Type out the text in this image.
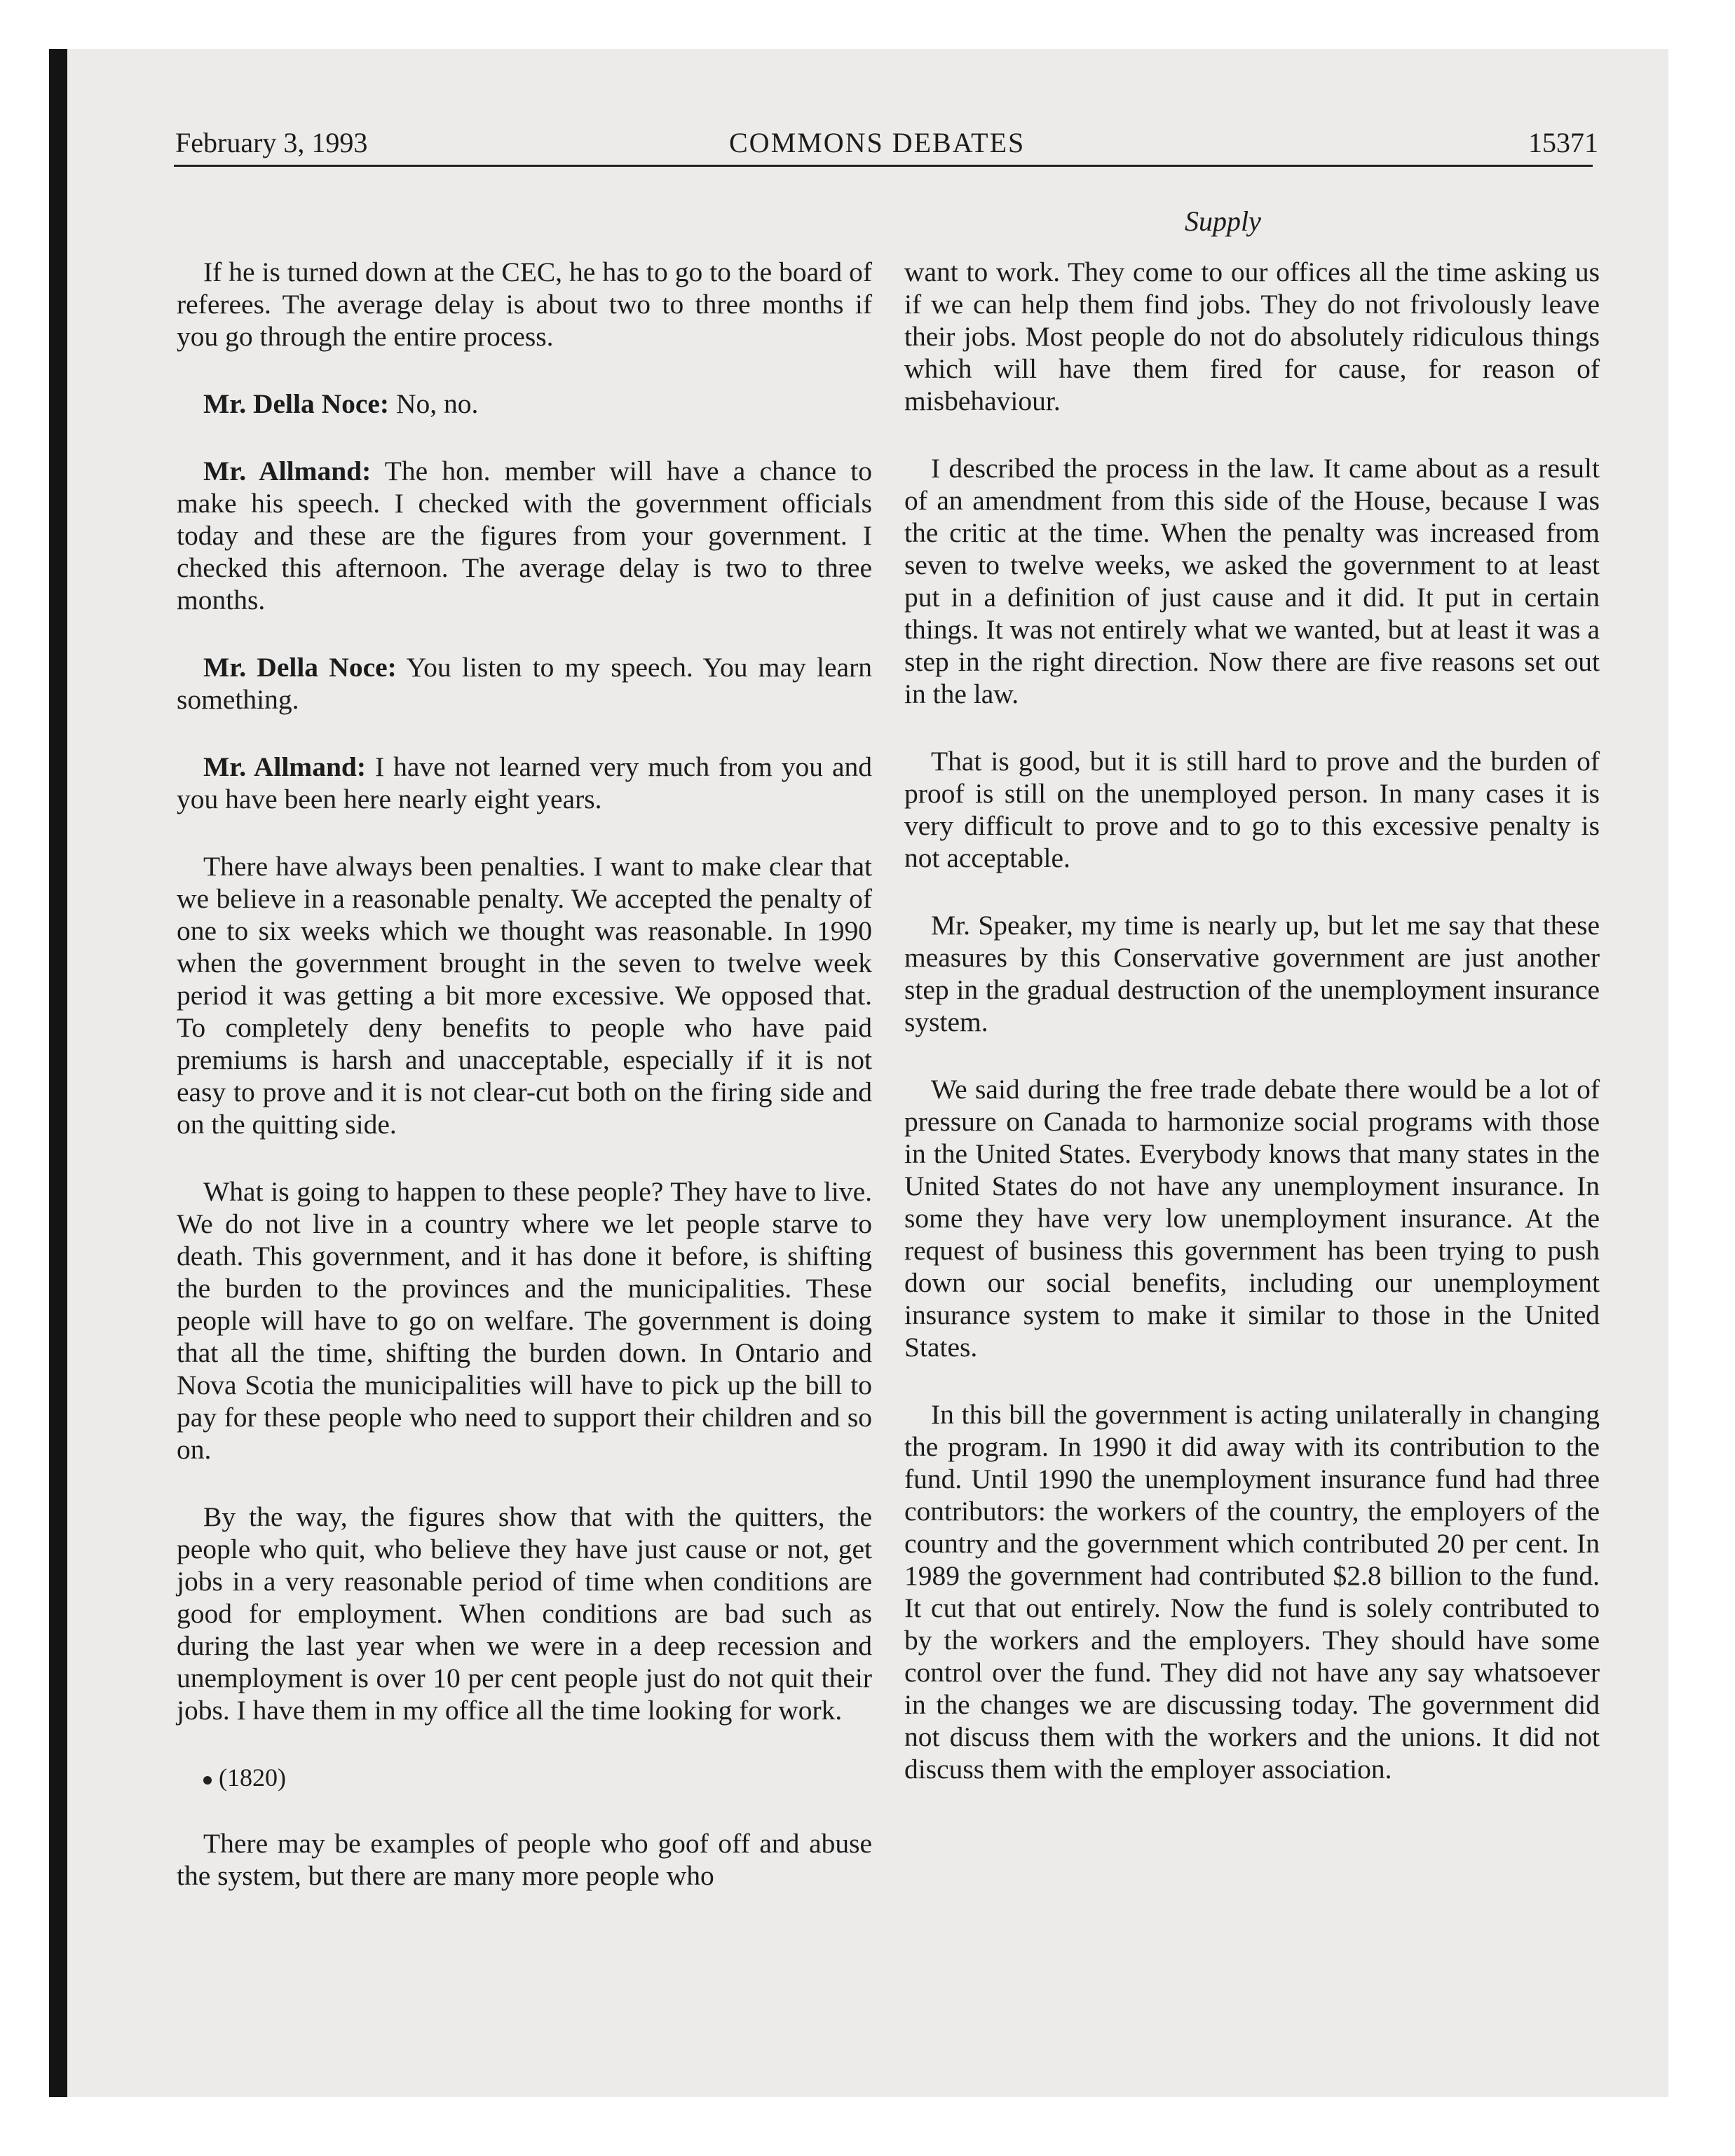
February 3, 1993	COMMONS DEBATES
Supply

If he is turned down at the CEC, he has to go to the board of referees. The average delay is about two to three months if you go through the entire process.

Mr. Della Noce: No, no.

Mr. Allmand: The hon. member will have a chance to make his speech. I checked with the government officials today and these are the figures from your government. I checked this afternoon. The average delay is two to three months.

Mr. Della Noce: You listen to my speech. You may learn something.

Mr. Allmand: I have not learned very much from you and you have been here nearly eight years.

There have always been penalties. I want to make clear that we believe in a reasonable penalty. We accepted the penalty of one to six weeks which we thought was reasonable. In 1990 when the government brought in the seven to twelve week period it was getting a bit more excessive. We opposed that. To completely deny benefits to people who have paid premiums is harsh and unacceptable, especially if it is not easy to prove and it is not clear-cut both on the firing side and on the quitting side.

What is going to happen to these people? They have to live. We do not live in a country where we let people starve to death. This government, and it has done it before, is shifting the burden to the provinces and the municipalities. These people will have to go on welfare. The government is doing that all the time, shifting the burden down. In Ontario and Nova Scotia the municipalities will have to pick up the bill to pay for these people who need to support their children and so on.

By the way, the figures show that with the quitters, the people who quit, who believe they have just cause or not, get jobs in a very reasonable period of time when conditions are good for employment. When conditions are bad such as during the last year when we were in a deep recession and unemployment is over 10 per cent people just do not quit their jobs. I have them in my office all the time looking for work.

(1820)

There may be examples of people who goof off and abuse the system, but there are many more people who

want to work. They come to our offices all the time asking us if we can help them find jobs. They do not frivolously leave their jobs. Most people do not do absolutely ridiculous things which will have them fired for cause, for reason of misbehaviour.

I described the process in the law. It came about as a result of an amendment from this side of the House, because I was the critic at the time. When the penalty was increased from seven to twelve weeks, we asked the government to at least put in a definition of just cause and it did. It put in certain things. It was not entirely what we wanted, but at least it was a step in the right direction. Now there are five reasons set out in the law.

That is good, but it is still hard to prove and the burden of proof is still on the unemployed person. In many cases it is very difficult to prove and to go to this excessive penalty is not acceptable.

Mr. Speaker, my time is nearly up, but let me say that these measures by this Conservative government are just another step in the gradual destruction of the unemployment insurance system.

We said during the free trade debate there would be a lot of pressure on Canada to harmonize social programs with those in the United States. Everybody knows that many states in the United States do not have any unemployment insurance. In some they have very low unemployment insurance. At the request of business this government has been trying to push down our social benefits, including our unemployment insurance system to make it similar to those in the United States.

In this bill the government is acting unilaterally in changing the program. In 1990 it did away with its contribution to the fund. Until 1990 the unemployment insurance fund had three contributors: the workers of the country, the employers of the country and the government which contributed 20 per cent. In 1989 the government had contributed $2.8 billion to the fund. It cut that out entirely. Now the fund is solely contributed to by the workers and the employers. They should have some control over the fund. They did not have any say whatsoever in the changes we are discussing today. The government did not discuss them with the workers and the unions. It did not discuss them with the employer association.
